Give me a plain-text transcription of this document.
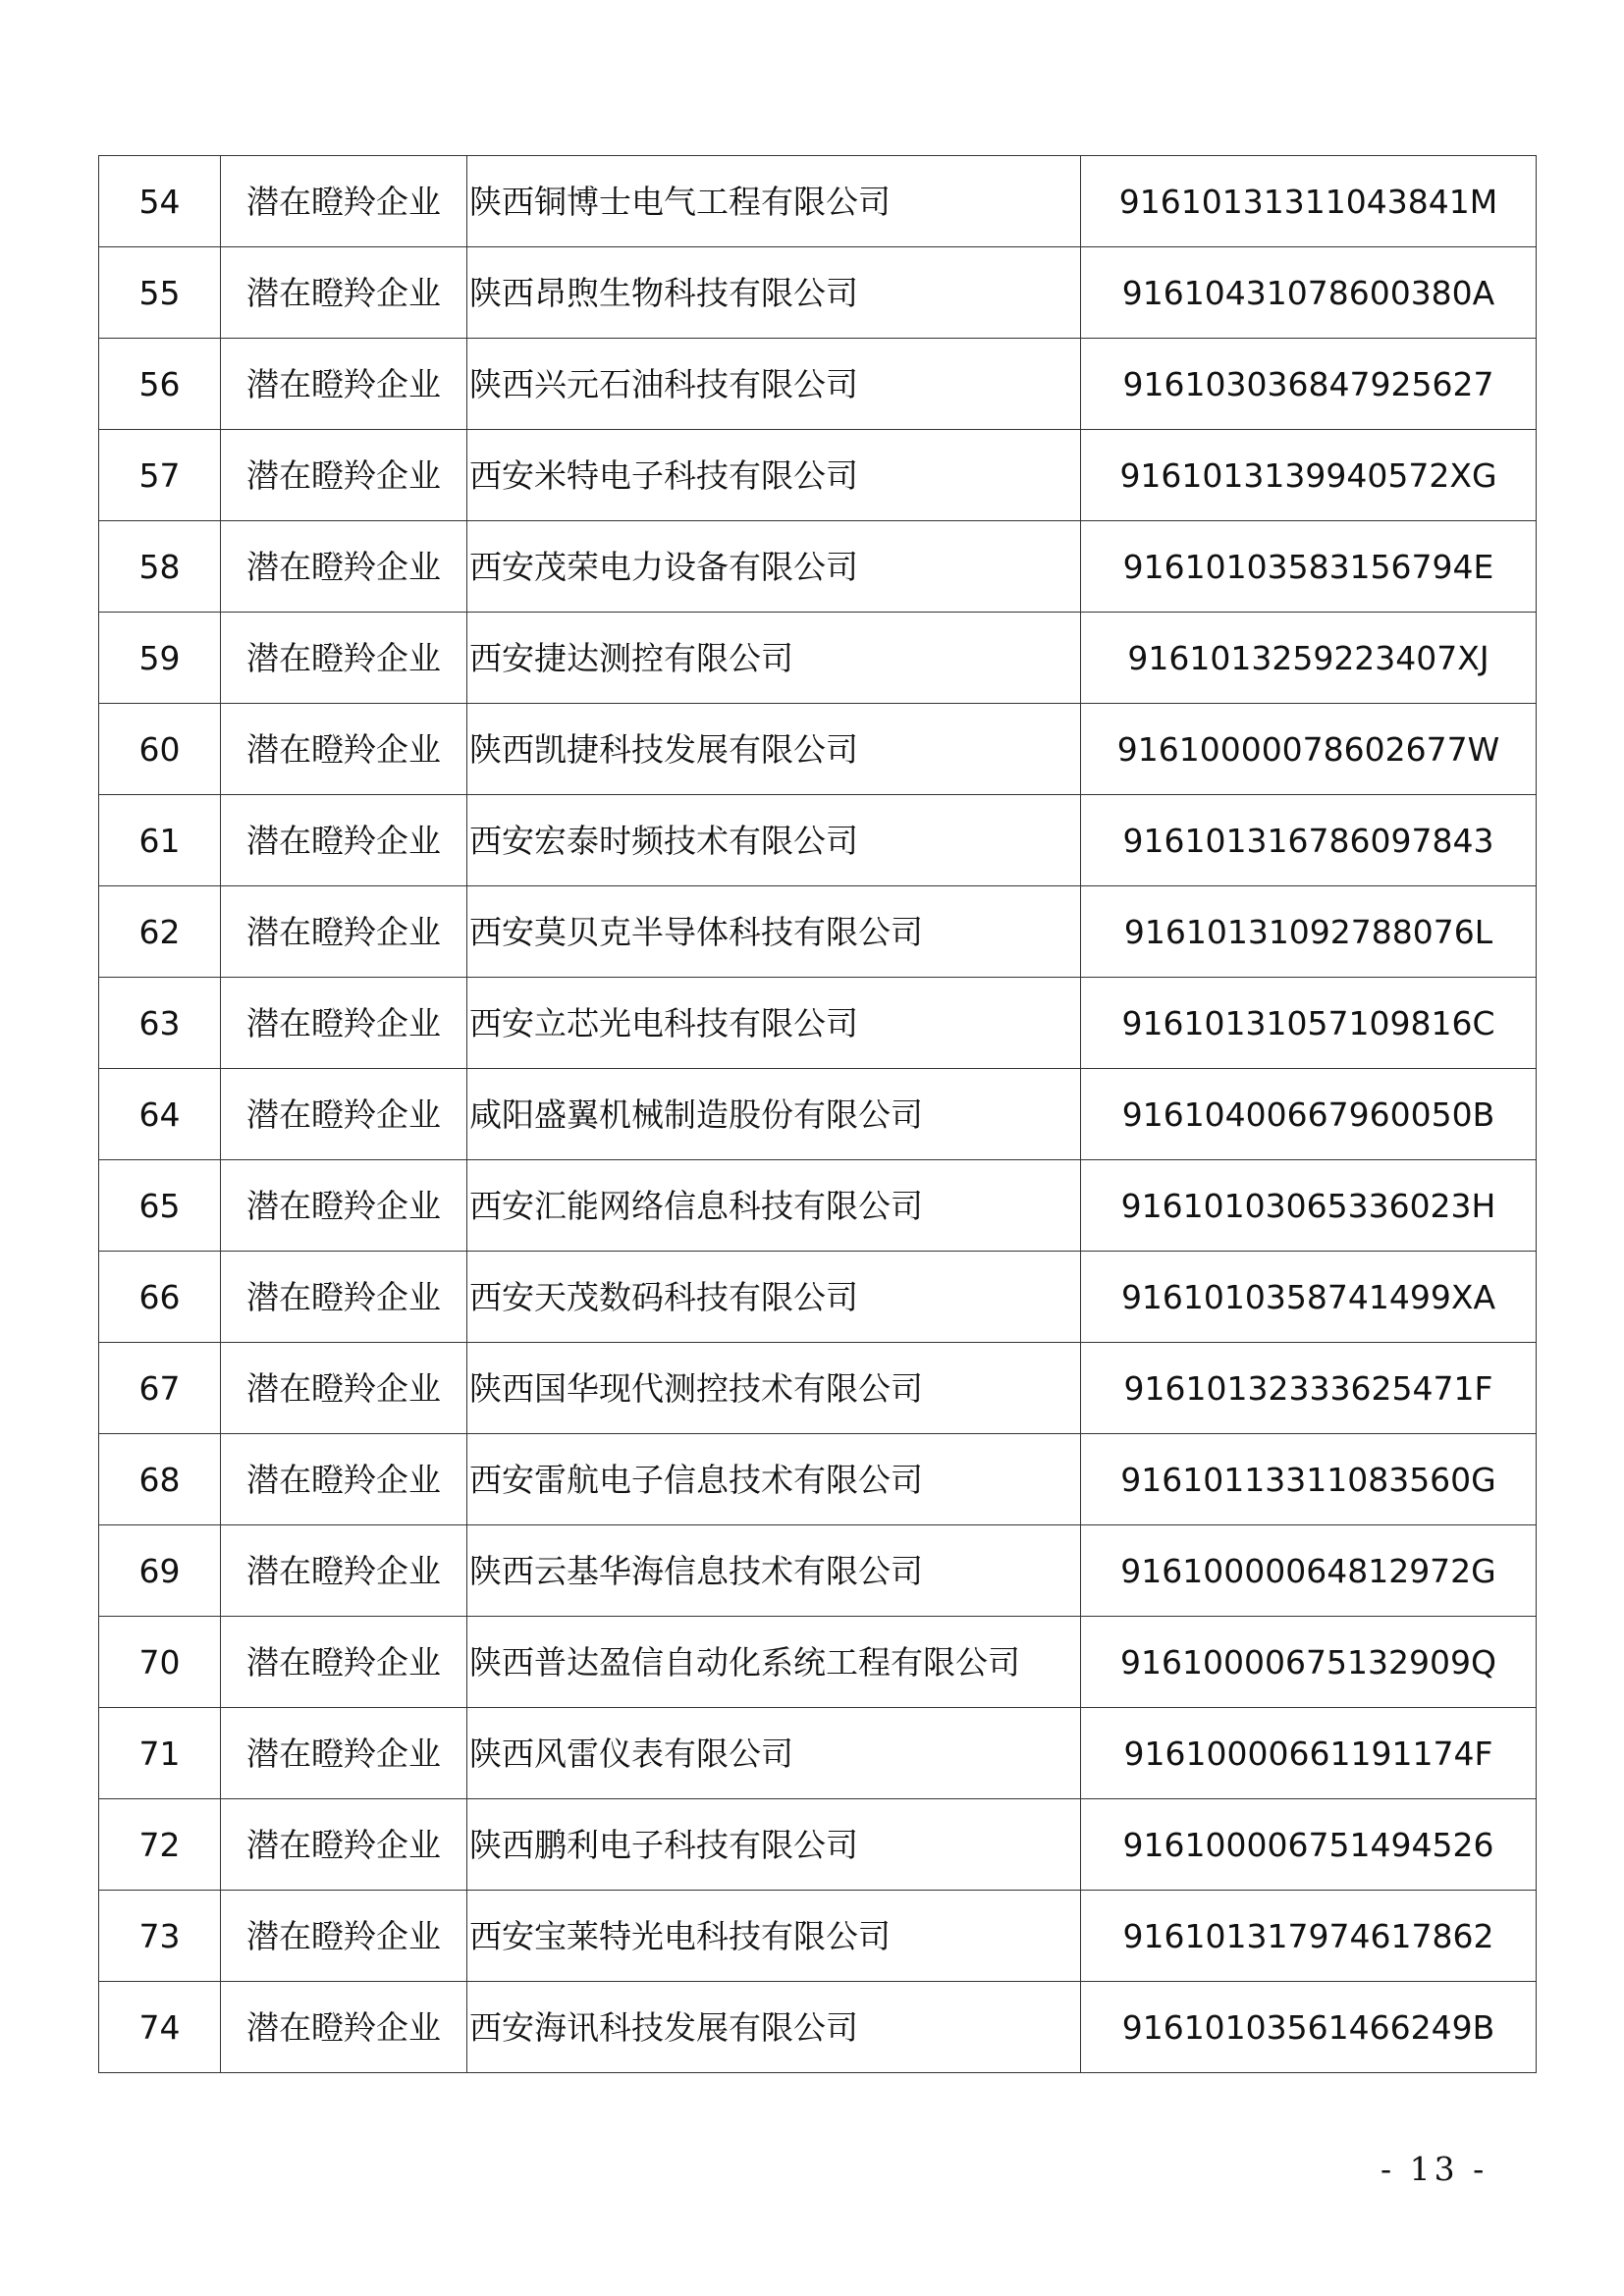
54	潜在瞪羚企业	陕西铜博士电气工程有限公司	91610131311043841M
55	潜在瞪羚企业	陕西昂煦生物科技有限公司	91610431078600380A
56	潜在瞪羚企业	陕西兴元石油科技有限公司	916103036847925627
57	潜在瞪羚企业	西安米特电子科技有限公司	9161013139940572XG
58	潜在瞪羚企业	西安茂荣电力设备有限公司	91610103583156794E
59	潜在瞪羚企业	西安捷达测控有限公司	9161013259223407XJ
60	潜在瞪羚企业	陕西凯捷科技发展有限公司	91610000078602677W
61	潜在瞪羚企业	西安宏泰时频技术有限公司	916101316786097843
62	潜在瞪羚企业	西安莫贝克半导体科技有限公司	91610131092788076L
63	潜在瞪羚企业	西安立芯光电科技有限公司	91610131057109816C
64	潜在瞪羚企业	咸阳盛翼机械制造股份有限公司	91610400667960050B
65	潜在瞪羚企业	西安汇能网络信息科技有限公司	91610103065336023H
66	潜在瞪羚企业	西安天茂数码科技有限公司	9161010358741499XA
67	潜在瞪羚企业	陕西国华现代测控技术有限公司	91610132333625471F
68	潜在瞪羚企业	西安雷航电子信息技术有限公司	91610113311083560G
69	潜在瞪羚企业	陕西云基华海信息技术有限公司	91610000064812972G
70	潜在瞪羚企业	陕西普达盈信自动化系统工程有限公司	91610000675132909Q
71	潜在瞪羚企业	陕西风雷仪表有限公司	91610000661191174F
72	潜在瞪羚企业	陕西鹏利电子科技有限公司	916100006751494526
73	潜在瞪羚企业	西安宝莱特光电科技有限公司	916101317974617862
74	潜在瞪羚企业	西安海讯科技发展有限公司	91610103561466249B
- 13 -
